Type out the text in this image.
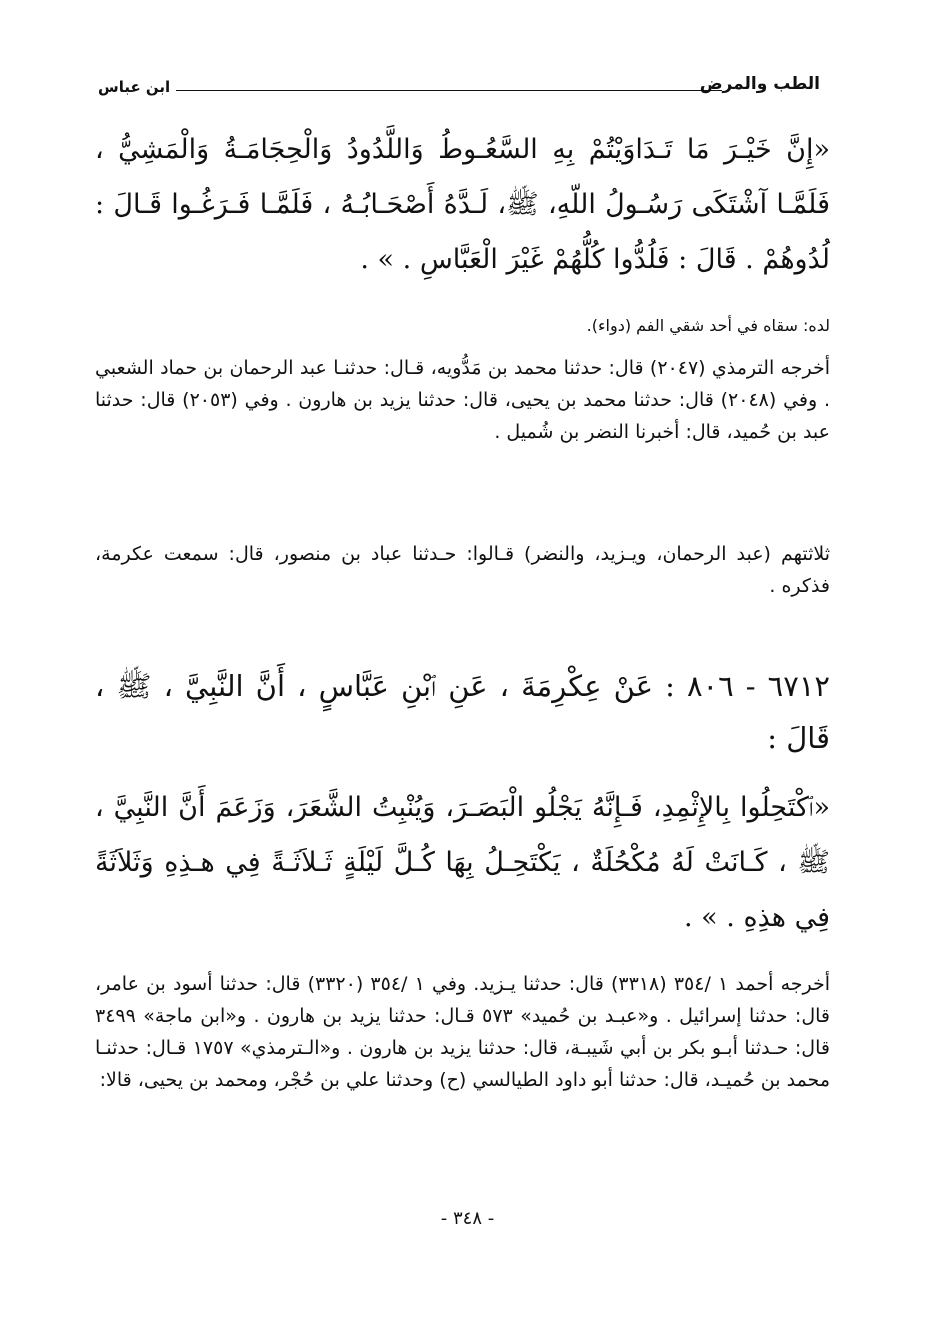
الطب والمرض
ابن عباس

«إِنَّ خَيْـرَ مَا تَـدَاوَيْتُمْ بِهِ السَّعُـوطُ وَاللَّدُودُ وَالْحِجَامَـةُ وَالْمَشِيُّ ، فَلَمَّـا آشْتَكَى رَسُـولُ اللّهِ، ﷺ، لَـدَّهُ أَصْحَـابُـهُ ، فَلَمَّـا فَـرَغُـوا قَـالَ : لُدُوهُمْ . قَالَ : فَلُدُّوا كُلُّهُمْ غَيْرَ الْعَبَّاسِ . » .

لده: سقاه في أحد شقي الفم (دواء).

أخرجه الترمذي (٢٠٤٧) قال: حدثنا محمد بن مَدُّويه، قـال: حدثنـا عبد الرحمان بن حماد الشعبي . وفي (٢٠٤٨) قال: حدثنا محمد بن يحيى، قال: حدثنا يزيد بن هارون . وفي (٢٠٥٣) قال: حدثنا عبد بن حُميد، قال: أخبرنا النضر بن شُميل .

ثلاثتهم (عبد الرحمان، ويـزيد، والنضر) قـالوا: حـدثنا عباد بن منصور، قال: سمعت عكرمة، فذكره .

٦٧١٢ - ٨٠٦ : عَنْ عِكْرِمَةَ ، عَنِ ٱبْنِ عَبَّاسٍ ، أَنَّ النَّبِيَّ ، ﷺ ، قَالَ :

«ٱكْتَحِلُوا بِالإِثْمِدِ، فَـإِنَّهُ يَجْلُو الْبَصَـرَ، وَيُنْبِتُ الشَّعَرَ، وَزَعَمَ أَنَّ النَّبِيَّ ، ﷺ ، كَـانَتْ لَهُ مُكْحُلَةٌ ، يَكْتَحِـلُ بِهَا كُـلَّ لَيْلَةٍ ثَـلاَثَـةً فِي هـذِهِ وَثَلاَثَةً فِي هذِهِ . » .

أخرجه أحمد ١ /٣٥٤ (٣٣١٨) قال: حدثنا يـزيد. وفي ١ /٣٥٤ (٣٣٢٠) قال: حدثنا أسود بن عامر، قال: حدثنا إسرائيل . و«عبـد بن حُميد» ٥٧٣ قـال: حدثنا يزيد بن هارون . و«ابن ماجة» ٣٤٩٩ قال: حـدثنا أبـو بكر بن أبي شَيبـة، قال: حدثنا يزيد بن هارون . و«الـترمذي» ١٧٥٧ قـال: حدثنـا محمد بن حُميـد، قال: حدثنا أبو داود الطيالسي (ح) وحدثنا علي بن حُجْر، ومحمد بن يحيى، قالا:

- ٣٤٨ -
